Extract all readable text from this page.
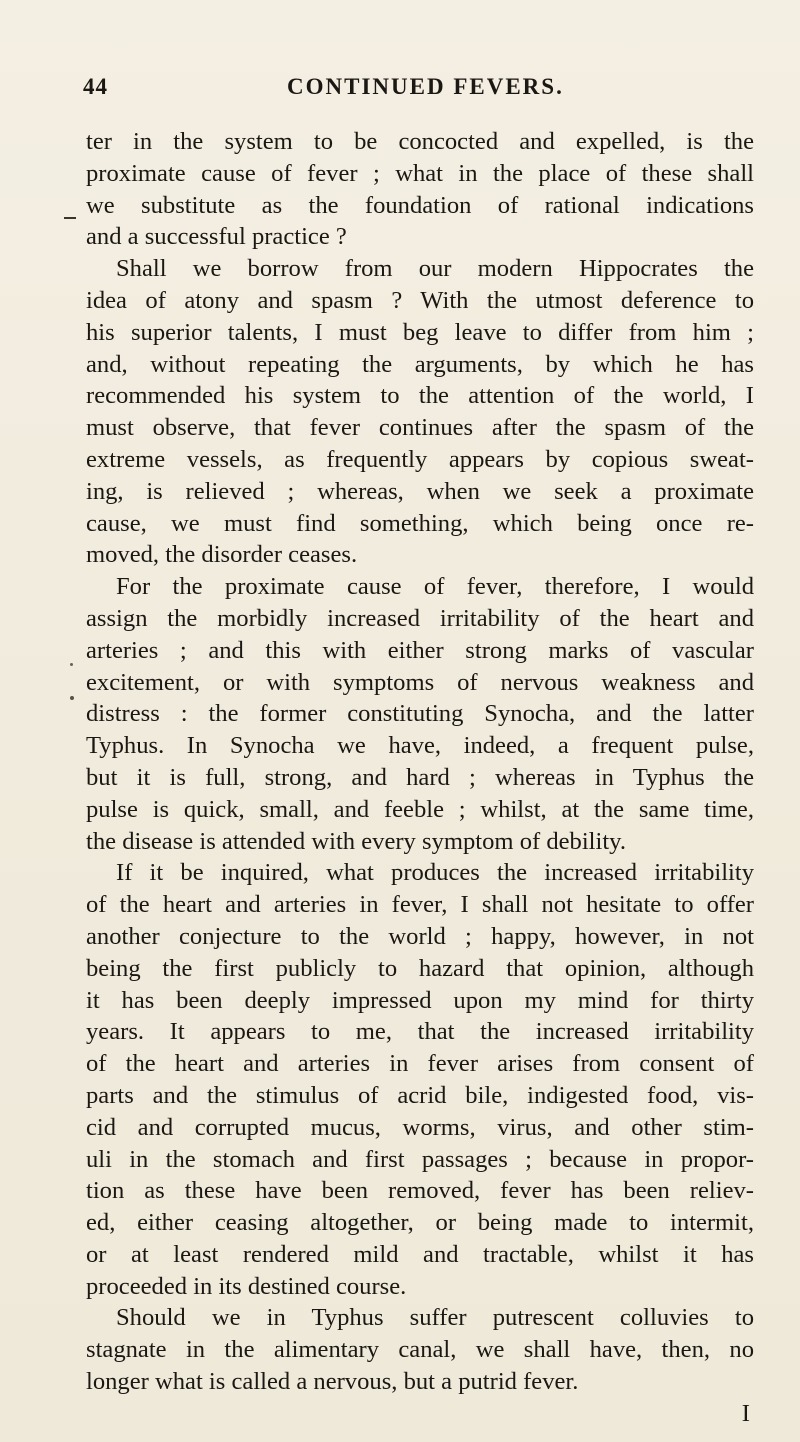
44	CONTINUED FEVERS.
ter in the system to be concocted and expelled, is the
proximate cause of fever ; what in the place of these shall
we substitute as the foundation of rational indications
and a successful practice ?
Shall we borrow from our modern Hippocrates the
idea of atony and spasm ? With the utmost deference to
his superior talents, I must beg leave to differ from him ;
and, without repeating the arguments, by which he has
recommended his system to the attention of the world, I
must observe, that fever continues after the spasm of the
extreme vessels, as frequently appears by copious sweat-
ing, is relieved ; whereas, when we seek a proximate
cause, we must find something, which being once re-
moved, the disorder ceases.
For the proximate cause of fever, therefore, I would
assign the morbidly increased irritability of the heart and
arteries ; and this with either strong marks of vascular
excitement, or with symptoms of nervous weakness and
distress : the former constituting Synocha, and the latter
Typhus. In Synocha we have, indeed, a frequent pulse,
but it is full, strong, and hard ; whereas in Typhus the
pulse is quick, small, and feeble ; whilst, at the same time,
the disease is attended with every symptom of debility.
If it be inquired, what produces the increased irritability
of the heart and arteries in fever, I shall not hesitate to offer
another conjecture to the world ; happy, however, in not
being the first publicly to hazard that opinion, although
it has been deeply impressed upon my mind for thirty
years. It appears to me, that the increased irritability
of the heart and arteries in fever arises from consent of
parts and the stimulus of acrid bile, indigested food, vis-
cid and corrupted mucus, worms, virus, and other stim-
uli in the stomach and first passages ; because in propor-
tion as these have been removed, fever has been reliev-
ed, either ceasing altogether, or being made to intermit,
or at least rendered mild and tractable, whilst it has
proceeded in its destined course.
Should we in Typhus suffer putrescent colluvies to
stagnate in the alimentary canal, we shall have, then, no
longer what is called a nervous, but a putrid fever.
I
